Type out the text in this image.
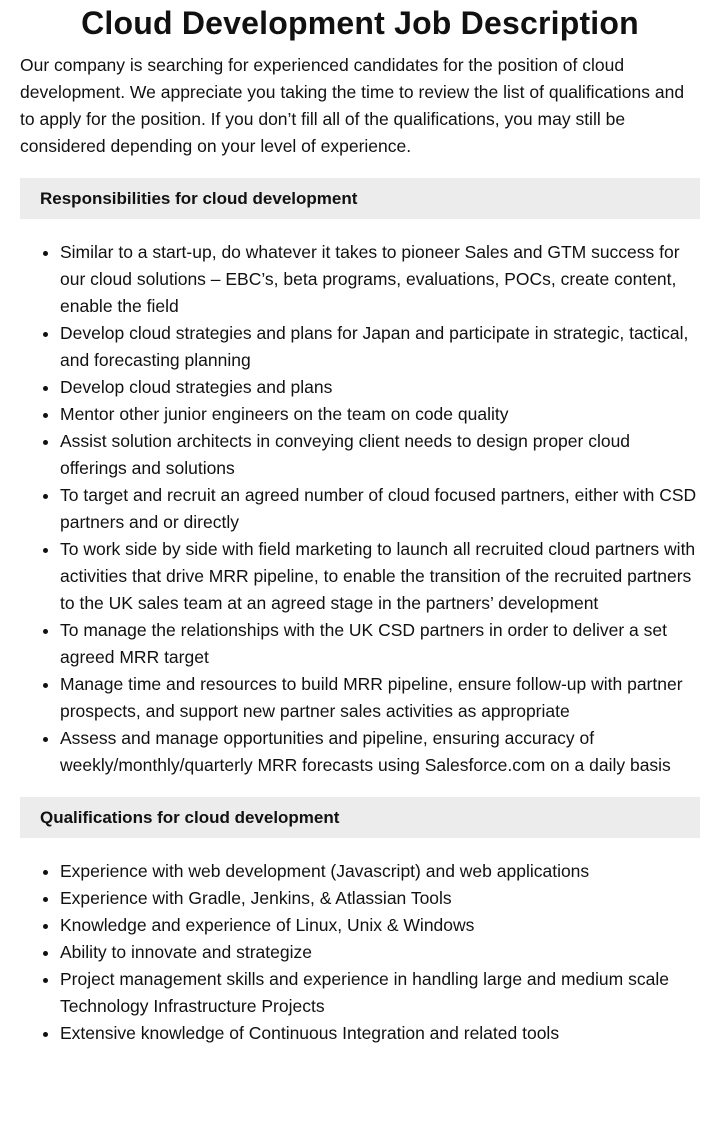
Cloud Development Job Description

Our company is searching for experienced candidates for the position of cloud development. We appreciate you taking the time to review the list of qualifications and to apply for the position. If you don’t fill all of the qualifications, you may still be considered depending on your level of experience.

Responsibilities for cloud development
• Similar to a start-up, do whatever it takes to pioneer Sales and GTM success for our cloud solutions – EBC’s, beta programs, evaluations, POCs, create content, enable the field
• Develop cloud strategies and plans for Japan and participate in strategic, tactical, and forecasting planning
• Develop cloud strategies and plans
• Mentor other junior engineers on the team on code quality
• Assist solution architects in conveying client needs to design proper cloud offerings and solutions
• To target and recruit an agreed number of cloud focused partners, either with CSD partners and or directly
• To work side by side with field marketing to launch all recruited cloud partners with activities that drive MRR pipeline, to enable the transition of the recruited partners to the UK sales team at an agreed stage in the partners’ development
• To manage the relationships with the UK CSD partners in order to deliver a set agreed MRR target
• Manage time and resources to build MRR pipeline, ensure follow-up with partner prospects, and support new partner sales activities as appropriate
• Assess and manage opportunities and pipeline, ensuring accuracy of weekly/monthly/quarterly MRR forecasts using Salesforce.com on a daily basis
Qualifications for cloud development
• Experience with web development (Javascript) and web applications
• Experience with Gradle, Jenkins, & Atlassian Tools
• Knowledge and experience of Linux, Unix & Windows
• Ability to innovate and strategize
• Project management skills and experience in handling large and medium scale Technology Infrastructure Projects
• Extensive knowledge of Continuous Integration and related tools
